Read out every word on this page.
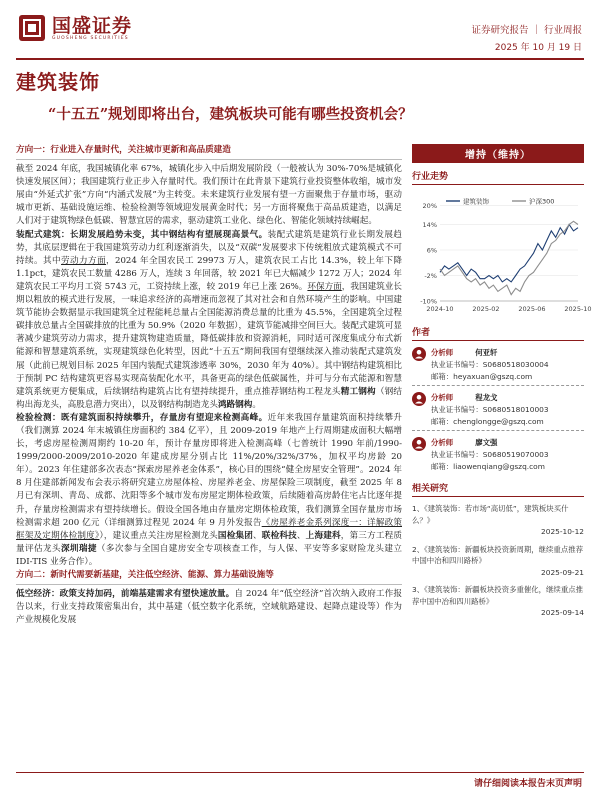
国盛证券
GUOSHENG SECURITIES
证券研究报告 ｜ 行业周报
2025 年 10 月 19 日
建筑装饰
“十五五”规划即将出台，建筑板块可能有哪些投资机会？
方向一：行业进入存量时代，关注城市更新和高品质建造
截至 2024 年底，我国城镇化率 67%，城镇化步入中后期发展阶段（一般被认为 30%-70%是城镇化快速发展区间）；我国建筑行业正步入存量时代。我们预计在此背景下建筑行业投资整体收缩，城市发展由“外延式扩张”方向“内涵式发展”为主转变。未来建筑行业发展有望一方面聚焦于存量市场，驱动城市更新、基础设施运维、检验检测等领域迎发展黄金时代；另一方面将聚焦于高品质建造，以满足人们对于建筑物绿色低碳、智慧宜居的需求，驱动建筑工业化、绿色化、智能化领域持续崛起。
装配式建筑：长期发展趋势未变，其中钢结构有望展现高景气。装配式建筑是建筑行业长期发展趋势，其底层逻辑在于我国建筑劳动力红利逐渐消失，以及“双碳”发展要求下传统粗放式建筑模式不可持续。其中劳动力方面，2024 年全国农民工 29973 万人，建筑农民工占比 14.3%，较上年下降 1.1pct，建筑农民工数量 4286 万人，连续 3 年回落，较 2021 年已大幅减少 1272 万人；2024 年建筑农民工平均月工资 5743 元，工资持续上涨，较 2019 年已上涨 26%。环保方面，我国建筑业长期以粗放的模式进行发展，一味追求经济的高增速而忽视了其对社会和自然环境产生的影响。中国建筑节能协会数据显示我国建筑全过程能耗总量占全国能源消费总量的比重为 45.5%，全国建筑全过程碳排放总量占全国碳排放的比重为 50.9%（2020 年数据），建筑节能减排空间巨大。装配式建筑可显著减少建筑劳动力需求，提升建筑物建造质量，降低碳排放和资源消耗，同时适可深度集成分布式新能源和智慧建筑系统，实现建筑绿色化转型，因此“十五五”期间我国有望继续深入推动装配式建筑发展（此前已规划目标 2025 年国内装配式建筑渗透率 30%，2030 年为 40%）。其中钢结构建筑相比于预制 PC 结构建筑更容易实现高装配化水平，具备更高的绿色低碳属性，并可与分布式能源和智慧建筑系统更方便集成，后续钢结构建筑占比有望持续提升，重点推荐钢结构工程龙头精工钢构（钢结构出海龙头，高股息潜力突出），以及钢结构制造龙头鸿路钢构。
检验检测：既有建筑面积持续攀升，存量房有望迎来检测高峰。近年来我国存量建筑面积持续攀升（我们测算 2024 年末城镇住房面积约 384 亿平），且 2009-2019 年地产上行周期建成面积大幅增长，考虑房屋检测周期约 10-20 年，预计存量房即将进入检测高峰（七普统计 1990 年前/1990-1999/2000-2009/2010-2020 年建成房屋分别占比 11%/20%/32%/37%，加权平均房龄 20 年）。2023 年住建部多次表态“探索房屋养老金体系”，核心目的围绕“健全房屋安全管理”。2024 年 8 月住建部新闻发布会表示将研究建立房屋体检、房屋养老金、房屋保险三项制度，截至 2025 年 8 月已有深圳、青岛、成都、沈阳等多个城市发布房屋定期体检政策，后续随着高房龄住宅占比逐年提升，存量房检测需求有望持续增长。假设全国各地由存量房定期体检政策，我们测算全国存量房市场检测需求超 200 亿元（详细测算过程见 2024 年 9 月外发报告《房屋养老金系列深度一：详解政策框架及定期体检制度》），建议重点关注房屋检测龙头国检集团、联检科技、上海建科，第三方工程质量评估龙头深圳瑞捷（多次参与全国自建房安全专项核查工作，与人保、平安等多家财险龙头建立 IDI-TIS 业务合作）。
方向二：新时代需要新基建，关注低空经济、能源、算力基础设施等
低空经济：政策支持加码，前端基建需求有望快速放量。自 2024 年“低空经济”首次纳入政府工作报告以来，行业支持政策密集出台，其中基建（低空数字化系统，空域航路建设、起降点建设等）作为产业规模化发展
增持（维持）
行业走势
-10%
-2%
6%
14%
20%
2024-10	2025-02	2025-06	2025-10
建筑装饰	沪深300
作者
分析师	何亚轩
执业证书编号：S0680518030004
邮箱：heyaxuan@gszq.com
分析师	程龙戈
执业证书编号：S0680518010003
邮箱：chenglongge@gszq.com
分析师	廖文强
执业证书编号：S0680519070003
邮箱：liaowenqiang@gszq.com
相关研究
1、《建筑装饰：若市场“高切低”，建筑板块买什么？》
2025-10-12
2、《建筑装饰：新疆板块投资新周期，继续重点推荐中国中冶和四川路桥》
2025-09-21
3、《建筑装饰：新疆板块投资多重催化，继续重点推荐中国中冶和四川路桥》
2025-09-14
请仔细阅读本报告末页声明
